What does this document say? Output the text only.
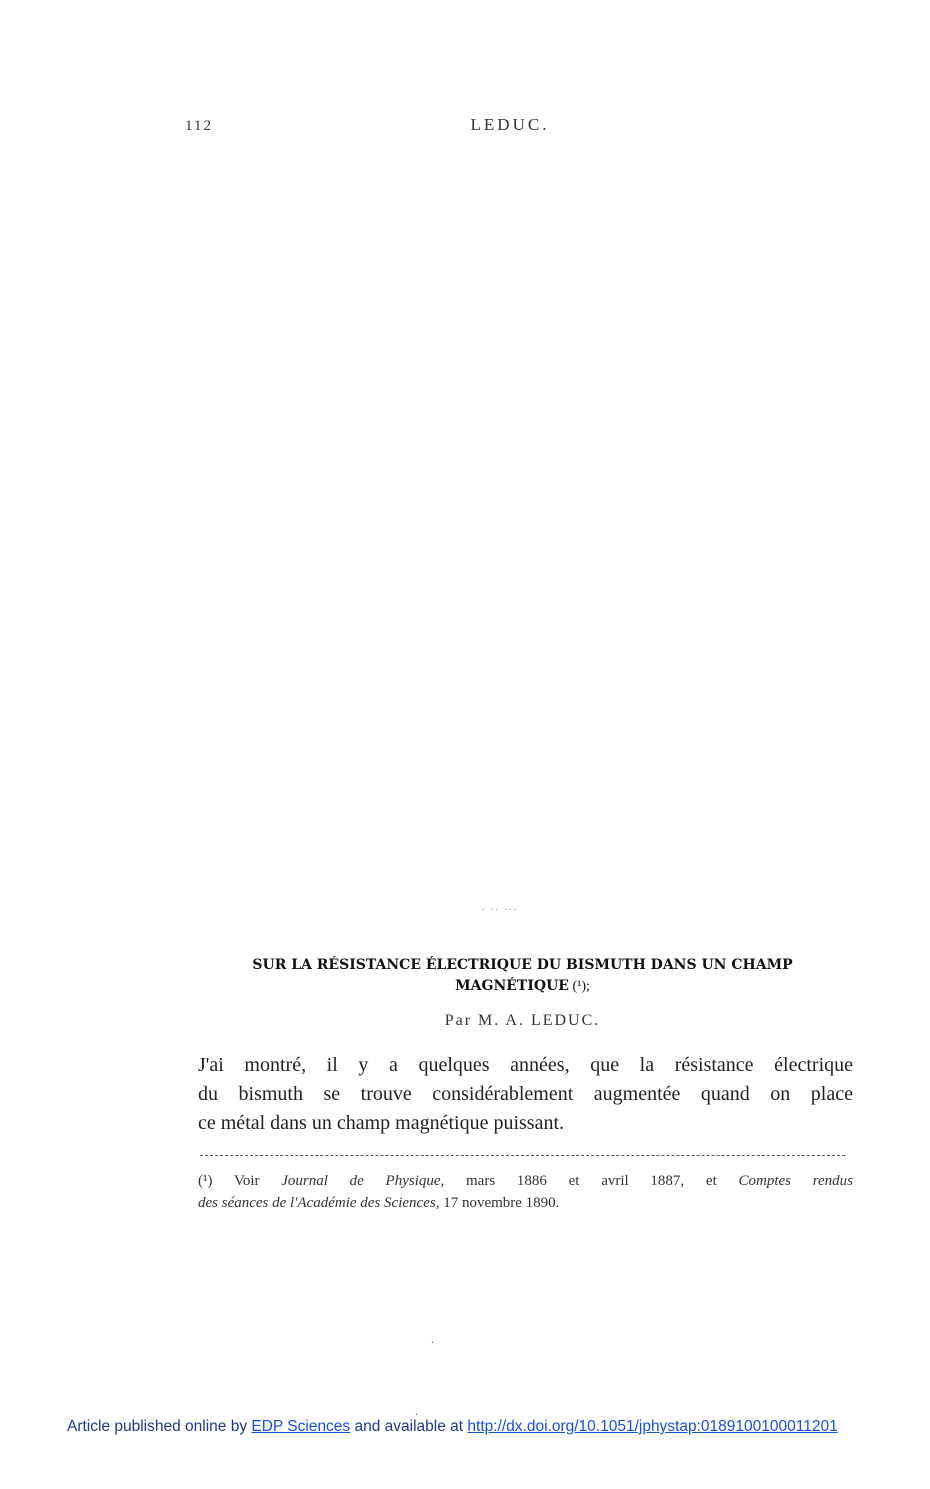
112	LEDUC.
. .. ...
SUR LA RÉSISTANCE ÉLECTRIQUE DU BISMUTH DANS UN CHAMP
MAGNÉTIQUE (¹);
Par M. A. LEDUC.
J'ai montré, il y a quelques années, que la résistance électrique
du bismuth se trouve considérablement augmentée quand on place
ce métal dans un champ magnétique puissant.
(¹) Voir Journal de Physique, mars 1886 et avril 1887, et Comptes rendus
des séances de l'Académie des Sciences, 17 novembre 1890.
.
.
Article published online by EDP Sciences and available at http://dx.doi.org/10.1051/jphystap:0189100100011201
